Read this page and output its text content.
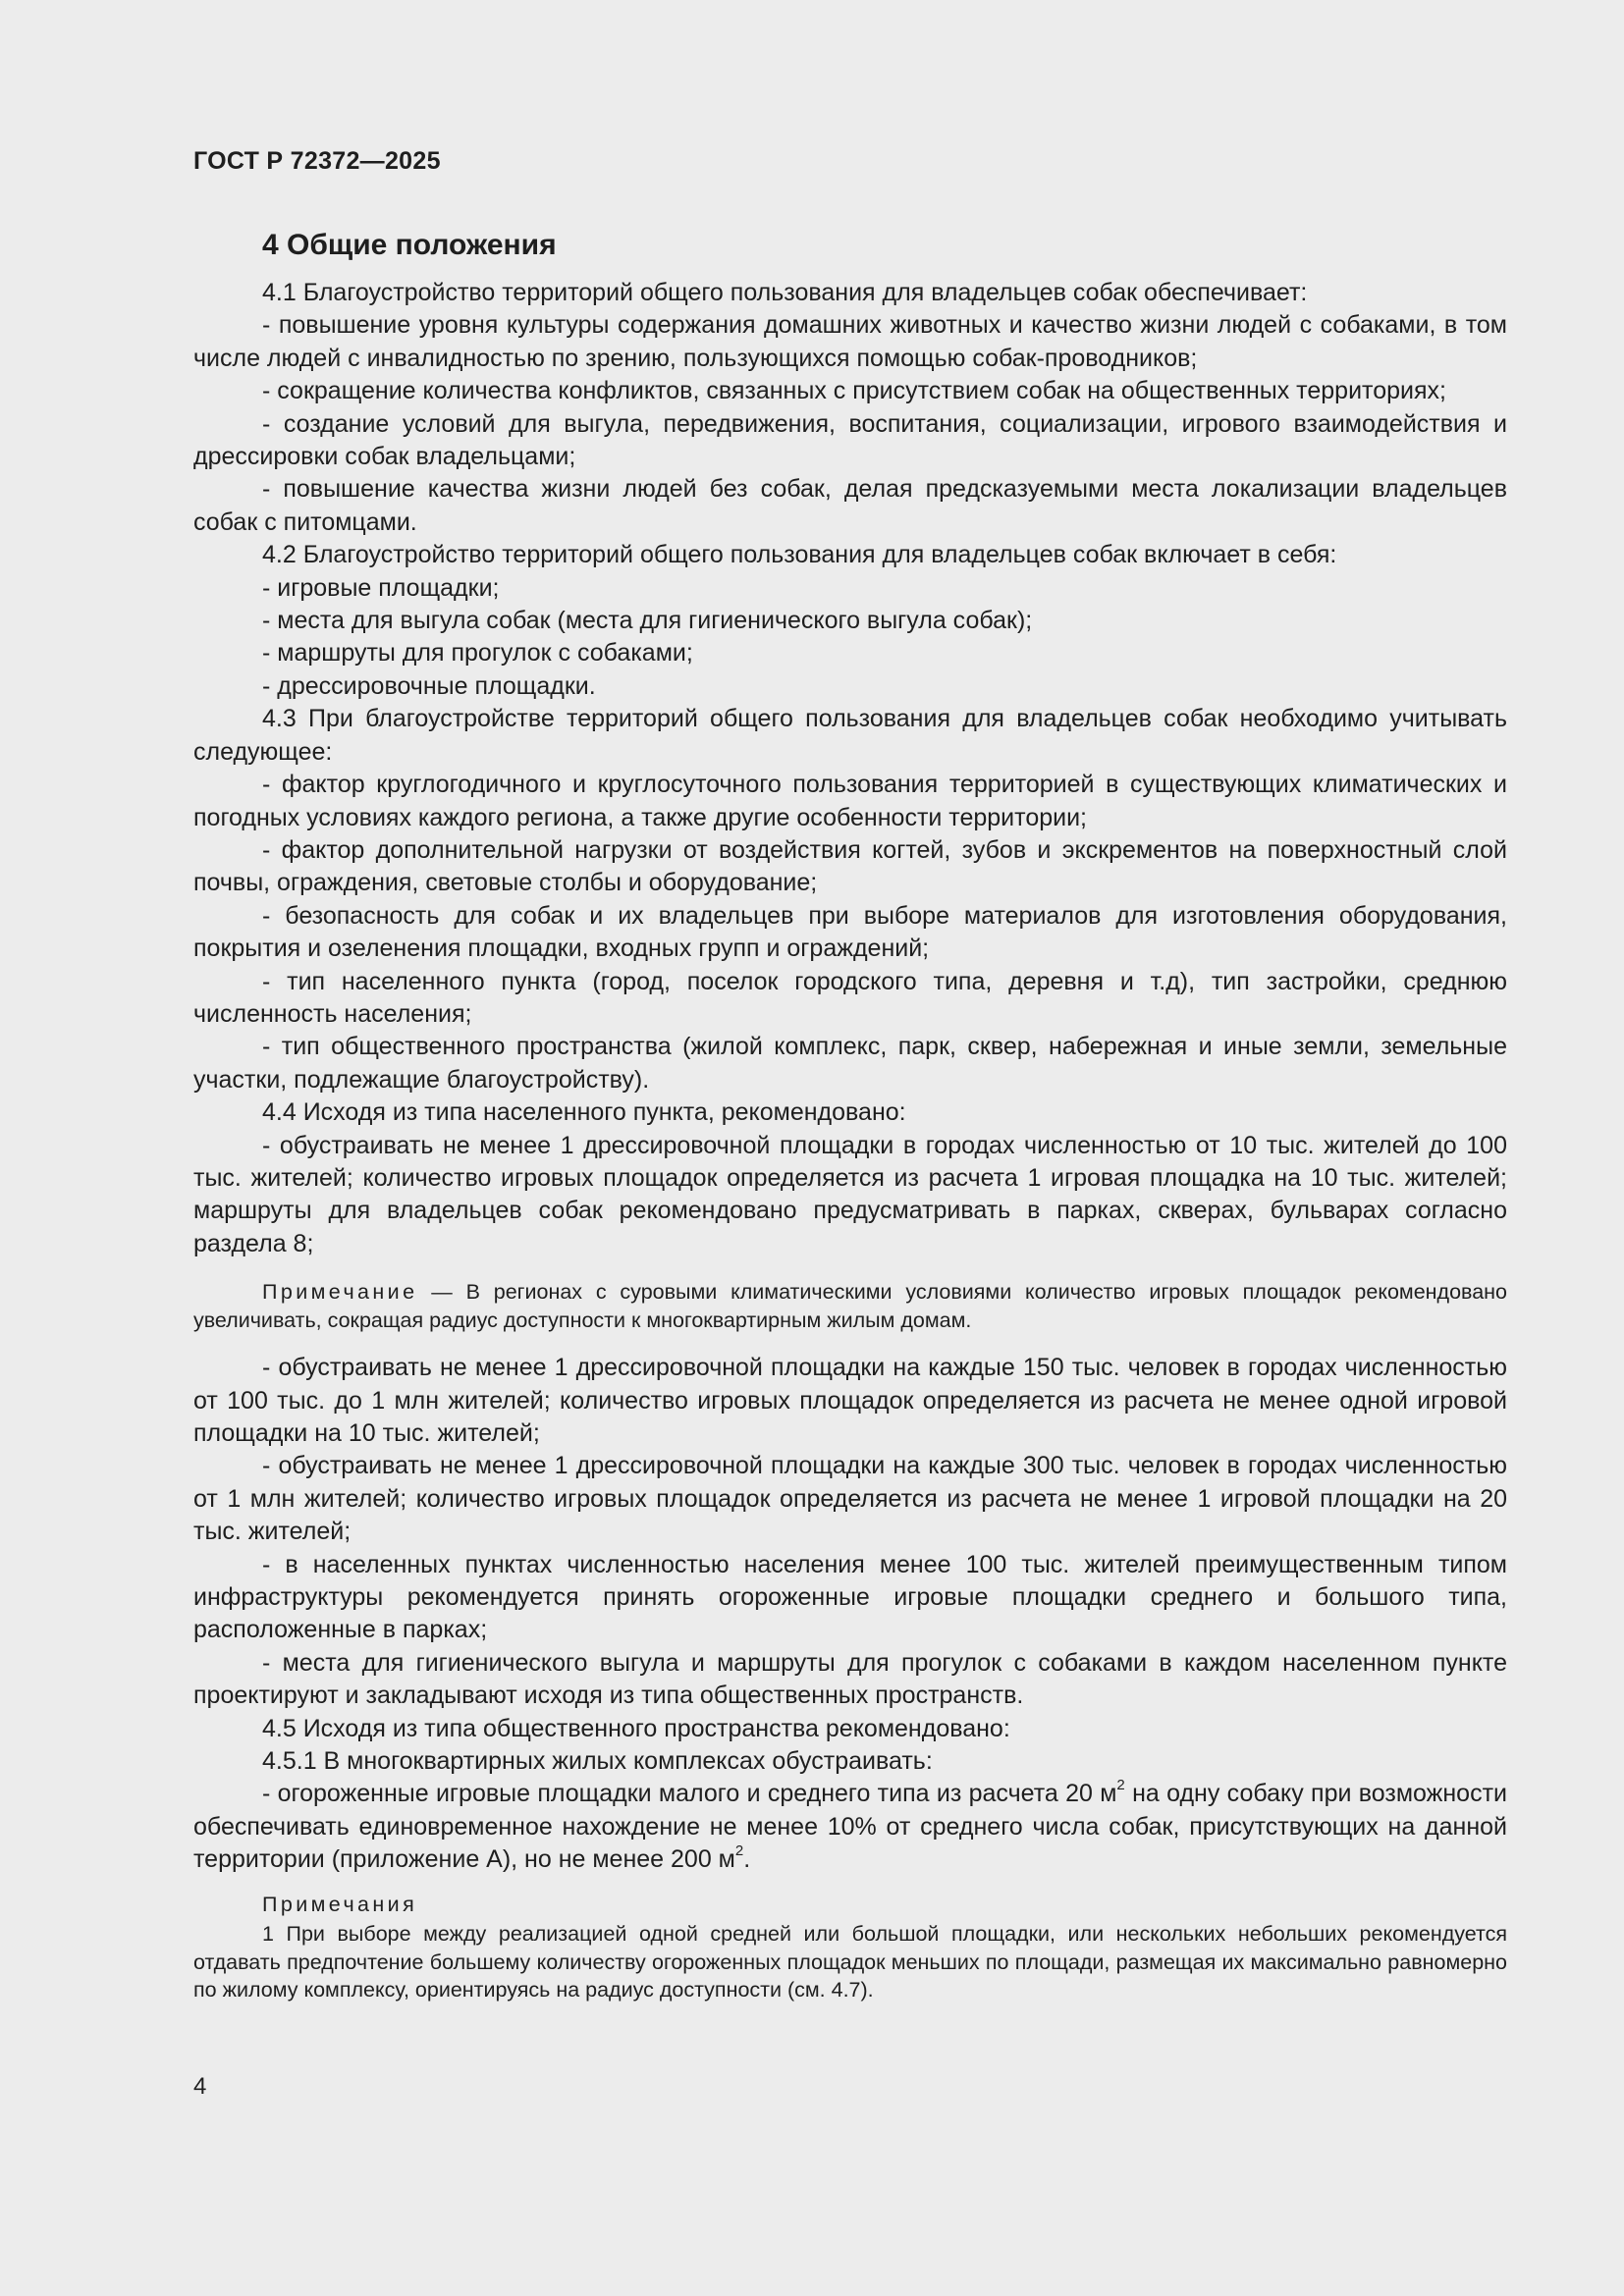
ГОСТ Р 72372—2025
4 Общие положения

4.1 Благоустройство территорий общего пользования для владельцев собак обеспечивает:

- повышение уровня культуры содержания домашних животных и качество жизни людей с собаками, в том числе людей с инвалидностью по зрению, пользующихся помощью собак-проводников;

- сокращение количества конфликтов, связанных с присутствием собак на общественных территориях;

- создание условий для выгула, передвижения, воспитания, социализации, игрового взаимодействия и дрессировки собак владельцами;

- повышение качества жизни людей без собак, делая предсказуемыми места локализации владельцев собак с питомцами.

4.2 Благоустройство территорий общего пользования для владельцев собак включает в себя:

- игровые площадки;

- места для выгула собак (места для гигиенического выгула собак);

- маршруты для прогулок с собаками;

- дрессировочные площадки.

4.3 При благоустройстве территорий общего пользования для владельцев собак необходимо учитывать следующее:

- фактор круглогодичного и круглосуточного пользования территорией в существующих климатических и погодных условиях каждого региона, а также другие особенности территории;

- фактор дополнительной нагрузки от воздействия когтей, зубов и экскрементов на поверхностный слой почвы, ограждения, световые столбы и оборудование;

- безопасность для собак и их владельцев при выборе материалов для изготовления оборудования, покрытия и озеленения площадки, входных групп и ограждений;

- тип населенного пункта (город, поселок городского типа, деревня и т.д), тип застройки, среднюю численность населения;

- тип общественного пространства (жилой комплекс, парк, сквер, набережная и иные земли, земельные участки, подлежащие благоустройству).

4.4 Исходя из типа населенного пункта, рекомендовано:

- обустраивать не менее 1 дрессировочной площадки в городах численностью от 10 тыс. жителей до 100 тыс. жителей; количество игровых площадок определяется из расчета 1 игровая площадка на 10 тыс. жителей; маршруты для владельцев собак рекомендовано предусматривать в парках, скверах, бульварах согласно раздела 8;

Примечание — В регионах с суровыми климатическими условиями количество игровых площадок рекомендовано увеличивать, сокращая радиус доступности к многоквартирным жилым домам.

- обустраивать не менее 1 дрессировочной площадки на каждые 150 тыс. человек в городах численностью от 100 тыс. до 1 млн жителей; количество игровых площадок определяется из расчета не менее одной игровой площадки на 10 тыс. жителей;

- обустраивать не менее 1 дрессировочной площадки на каждые 300 тыс. человек в городах численностью от 1 млн жителей; количество игровых площадок определяется из расчета не менее 1 игровой площадки на 20 тыс. жителей;

- в населенных пунктах численностью населения менее 100 тыс. жителей преимущественным типом инфраструктуры рекомендуется принять огороженные игровые площадки среднего и большого типа, расположенные в парках;

- места для гигиенического выгула и маршруты для прогулок с собаками в каждом населенном пункте проектируют и закладывают исходя из типа общественных пространств.

4.5 Исходя из типа общественного пространства рекомендовано:

4.5.1 В многоквартирных жилых комплексах обустраивать:

- огороженные игровые площадки малого и среднего типа из расчета 20 $м^2$ на одну собаку при возможности обеспечивать единовременное нахождение не менее 10% от среднего числа собак, присутствующих на данной территории (приложение А), но не менее 200 $м^2$.

Примечания

1 При выборе между реализацией одной средней или большой площадки, или нескольких небольших рекомендуется отдавать предпочтение большему количеству огороженных площадок меньших по площади, размещая их максимально равномерно по жилому комплексу, ориентируясь на радиус доступности (см. 4.7).

4
